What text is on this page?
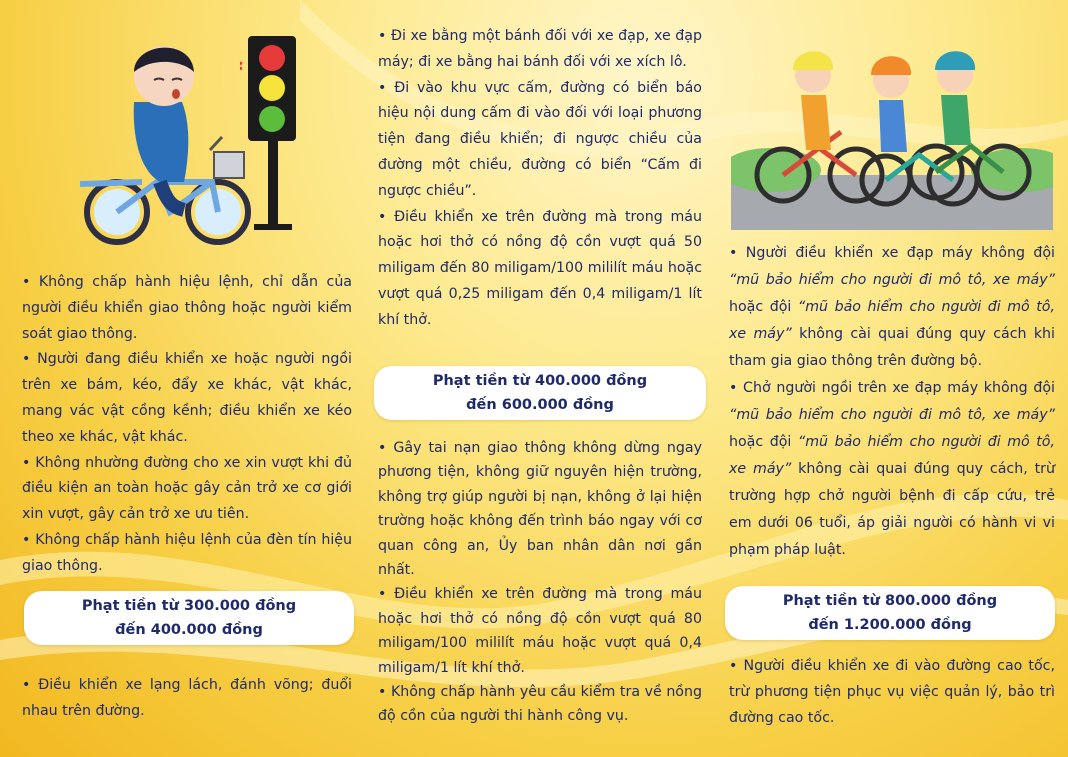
• Không chấp hành hiệu lệnh, chỉ dẫn của người điều khiển giao thông hoặc người kiểm soát giao thông.

• Người đang điều khiển xe hoặc người ngồi trên xe bám, kéo, đẩy xe khác, vật khác, mang vác vật cồng kềnh; điều khiển xe kéo theo xe khác, vật khác.

• Không nhường đường cho xe xin vượt khi đủ điều kiện an toàn hoặc gây cản trở xe cơ giới xin vượt, gây cản trở xe ưu tiên.

• Không chấp hành hiệu lệnh của đèn tín hiệu giao thông.

Phạt tiền từ 300.000 đồng
đến 400.000 đồng

• Điều khiển xe lạng lách, đánh võng; đuổi nhau trên đường.

• Đi xe bằng một bánh đối với xe đạp, xe đạp máy; đi xe bằng hai bánh đối với xe xích lô.

• Đi vào khu vực cấm, đường có biển báo hiệu nội dung cấm đi vào đối với loại phương tiện đang điều khiển; đi ngược chiều của đường một chiều, đường có biển “Cấm đi ngược chiều”.

• Điều khiển xe trên đường mà trong máu hoặc hơi thở có nồng độ cồn vượt quá 50 miligam đến 80 miligam/100 mililít máu hoặc vượt quá 0,25 miligam đến 0,4 miligam/1 lít khí thở.

Phạt tiền từ 400.000 đồng
đến 600.000 đồng

• Gây tai nạn giao thông không dừng ngay phương tiện, không giữ nguyên hiện trường, không trợ giúp người bị nạn, không ở lại hiện trường hoặc không đến trình báo ngay với cơ quan công an, Ủy ban nhân dân nơi gần nhất.

• Điều khiển xe trên đường mà trong máu hoặc hơi thở có nồng độ cồn vượt quá 80 miligam/100 mililít máu hoặc vượt quá 0,4 miligam/1 lít khí thở.

• Không chấp hành yêu cầu kiểm tra về nồng độ cồn của người thi hành công vụ.

• Người điều khiển xe đạp máy không đội “mũ bảo hiểm cho người đi mô tô, xe máy” hoặc đội “mũ bảo hiểm cho người đi mô tô, xe máy” không cài quai đúng quy cách khi tham gia giao thông trên đường bộ.

• Chở người ngồi trên xe đạp máy không đội “mũ bảo hiểm cho người đi mô tô, xe máy” hoặc đội “mũ bảo hiểm cho người đi mô tô, xe máy” không cài quai đúng quy cách, trừ trường hợp chở người bệnh đi cấp cứu, trẻ em dưới 06 tuổi, áp giải người có hành vi vi phạm pháp luật.

Phạt tiền từ 800.000 đồng
đến 1.200.000 đồng

• Người điều khiển xe đi vào đường cao tốc, trừ phương tiện phục vụ việc quản lý, bảo trì đường cao tốc.
